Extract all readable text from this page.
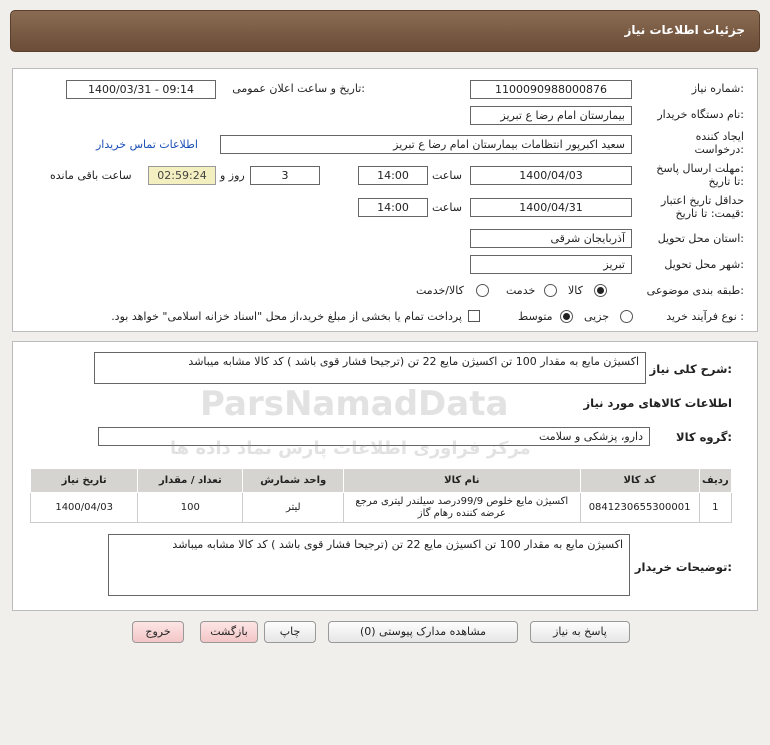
جزئیات اطلاعات نیاز
شماره نیاز:
1100090988000876
تاریخ و ساعت اعلان عمومی:
1400/03/31 - 09:14
نام دستگاه خریدار:
بیمارستان امام رضا ع تبریز
ایجاد کننده
درخواست:
سعید اکبرپور انتظامات بیمارستان امام رضا ع تبریز
اطلاعات تماس خریدار
مهلت ارسال پاسخ:
تا تاریخ:
1400/04/03
ساعت
14:00
3
روز و
02:59:24
ساعت باقی مانده
حداقل تاریخ اعتبار
قیمت: تا تاریخ:
1400/04/31
ساعت
14:00
استان محل تحویل:
آذربایجان شرقی
شهر محل تحویل:
تبریز
طبقه بندی موضوعی:
کالا
خدمت
کالا/خدمت
نوع فرآیند خرید :
جزیی
متوسط
پرداخت تمام یا بخشی از مبلغ خرید،از محل "اسناد خزانه اسلامی" خواهد بود.
شرح کلی نیاز:
اکسیژن مایع به مقدار 100 تن اکسیژن مایع 22 تن (ترجیحا فشار قوی باشد ) کد کالا مشابه میباشد
اطلاعات کالاهای مورد نیاز
گروه کالا:
دارو، پزشکی و سلامت
ردیف	کد کالا	نام کالا	واحد شمارش	تعداد / مقدار	تاریخ نیاز
1	0841230655300001	اکسیژن مایع خلوص 99/9درصد سیلندر لیتری مرجع عرضه کننده رهام گاز	لیتر	100	1400/04/03
توضیحات خریدار:
اکسیژن مایع به مقدار 100 تن اکسیژن مایع 22 تن (ترجیحا فشار قوی باشد ) کد کالا مشابه میباشد
ParsNamadData
مرکز فراوری اطلاعات پارس نماد داده ها
پاسخ به نیاز
مشاهده مدارک پیوستی (0)
چاپ
بازگشت
خروج
